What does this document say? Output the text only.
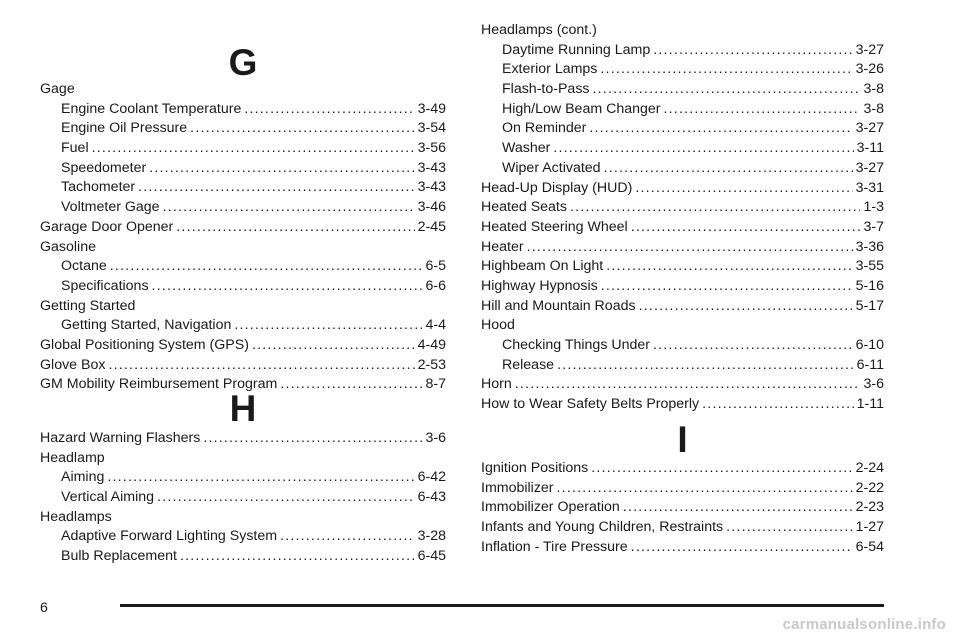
G
Gage
Engine Coolant Temperature .....	3-49
Engine Oil Pressure .....	3-54
Fuel .....	3-56
Speedometer .....	3-43
Tachometer .....	3-43
Voltmeter Gage .....	3-46
Garage Door Opener .....	2-45
Gasoline
Octane .....	6-5
Specifications .....	6-6
Getting Started
Getting Started, Navigation .....	4-4
Global Positioning System (GPS) .....	4-49
Glove Box .....	2-53
GM Mobility Reimbursement Program .....	8-7
H
Hazard Warning Flashers .....	3-6
Headlamp
Aiming .....	6-42
Vertical Aiming .....	6-43
Headlamps
Adaptive Forward Lighting System .....	3-28
Bulb Replacement .....	6-45
Headlamps (cont.)
Daytime Running Lamp .....	3-27
Exterior Lamps .....	3-26
Flash-to-Pass .....	3-8
High/Low Beam Changer .....	3-8
On Reminder .....	3-27
Washer .....	3-11
Wiper Activated .....	3-27
Head-Up Display (HUD) .....	3-31
Heated Seats .....	1-3
Heated Steering Wheel .....	3-7
Heater .....	3-36
Highbeam On Light .....	3-55
Highway Hypnosis .....	5-16
Hill and Mountain Roads .....	5-17
Hood
Checking Things Under .....	6-10
Release .....	6-11
Horn .....	3-6
How to Wear Safety Belts Properly .....	1-11
I
Ignition Positions .....	2-24
Immobilizer .....	2-22
Immobilizer Operation .....	2-23
Infants and Young Children, Restraints .....	1-27
Inflation - Tire Pressure .....	6-54
6
carmanualsonline.info
